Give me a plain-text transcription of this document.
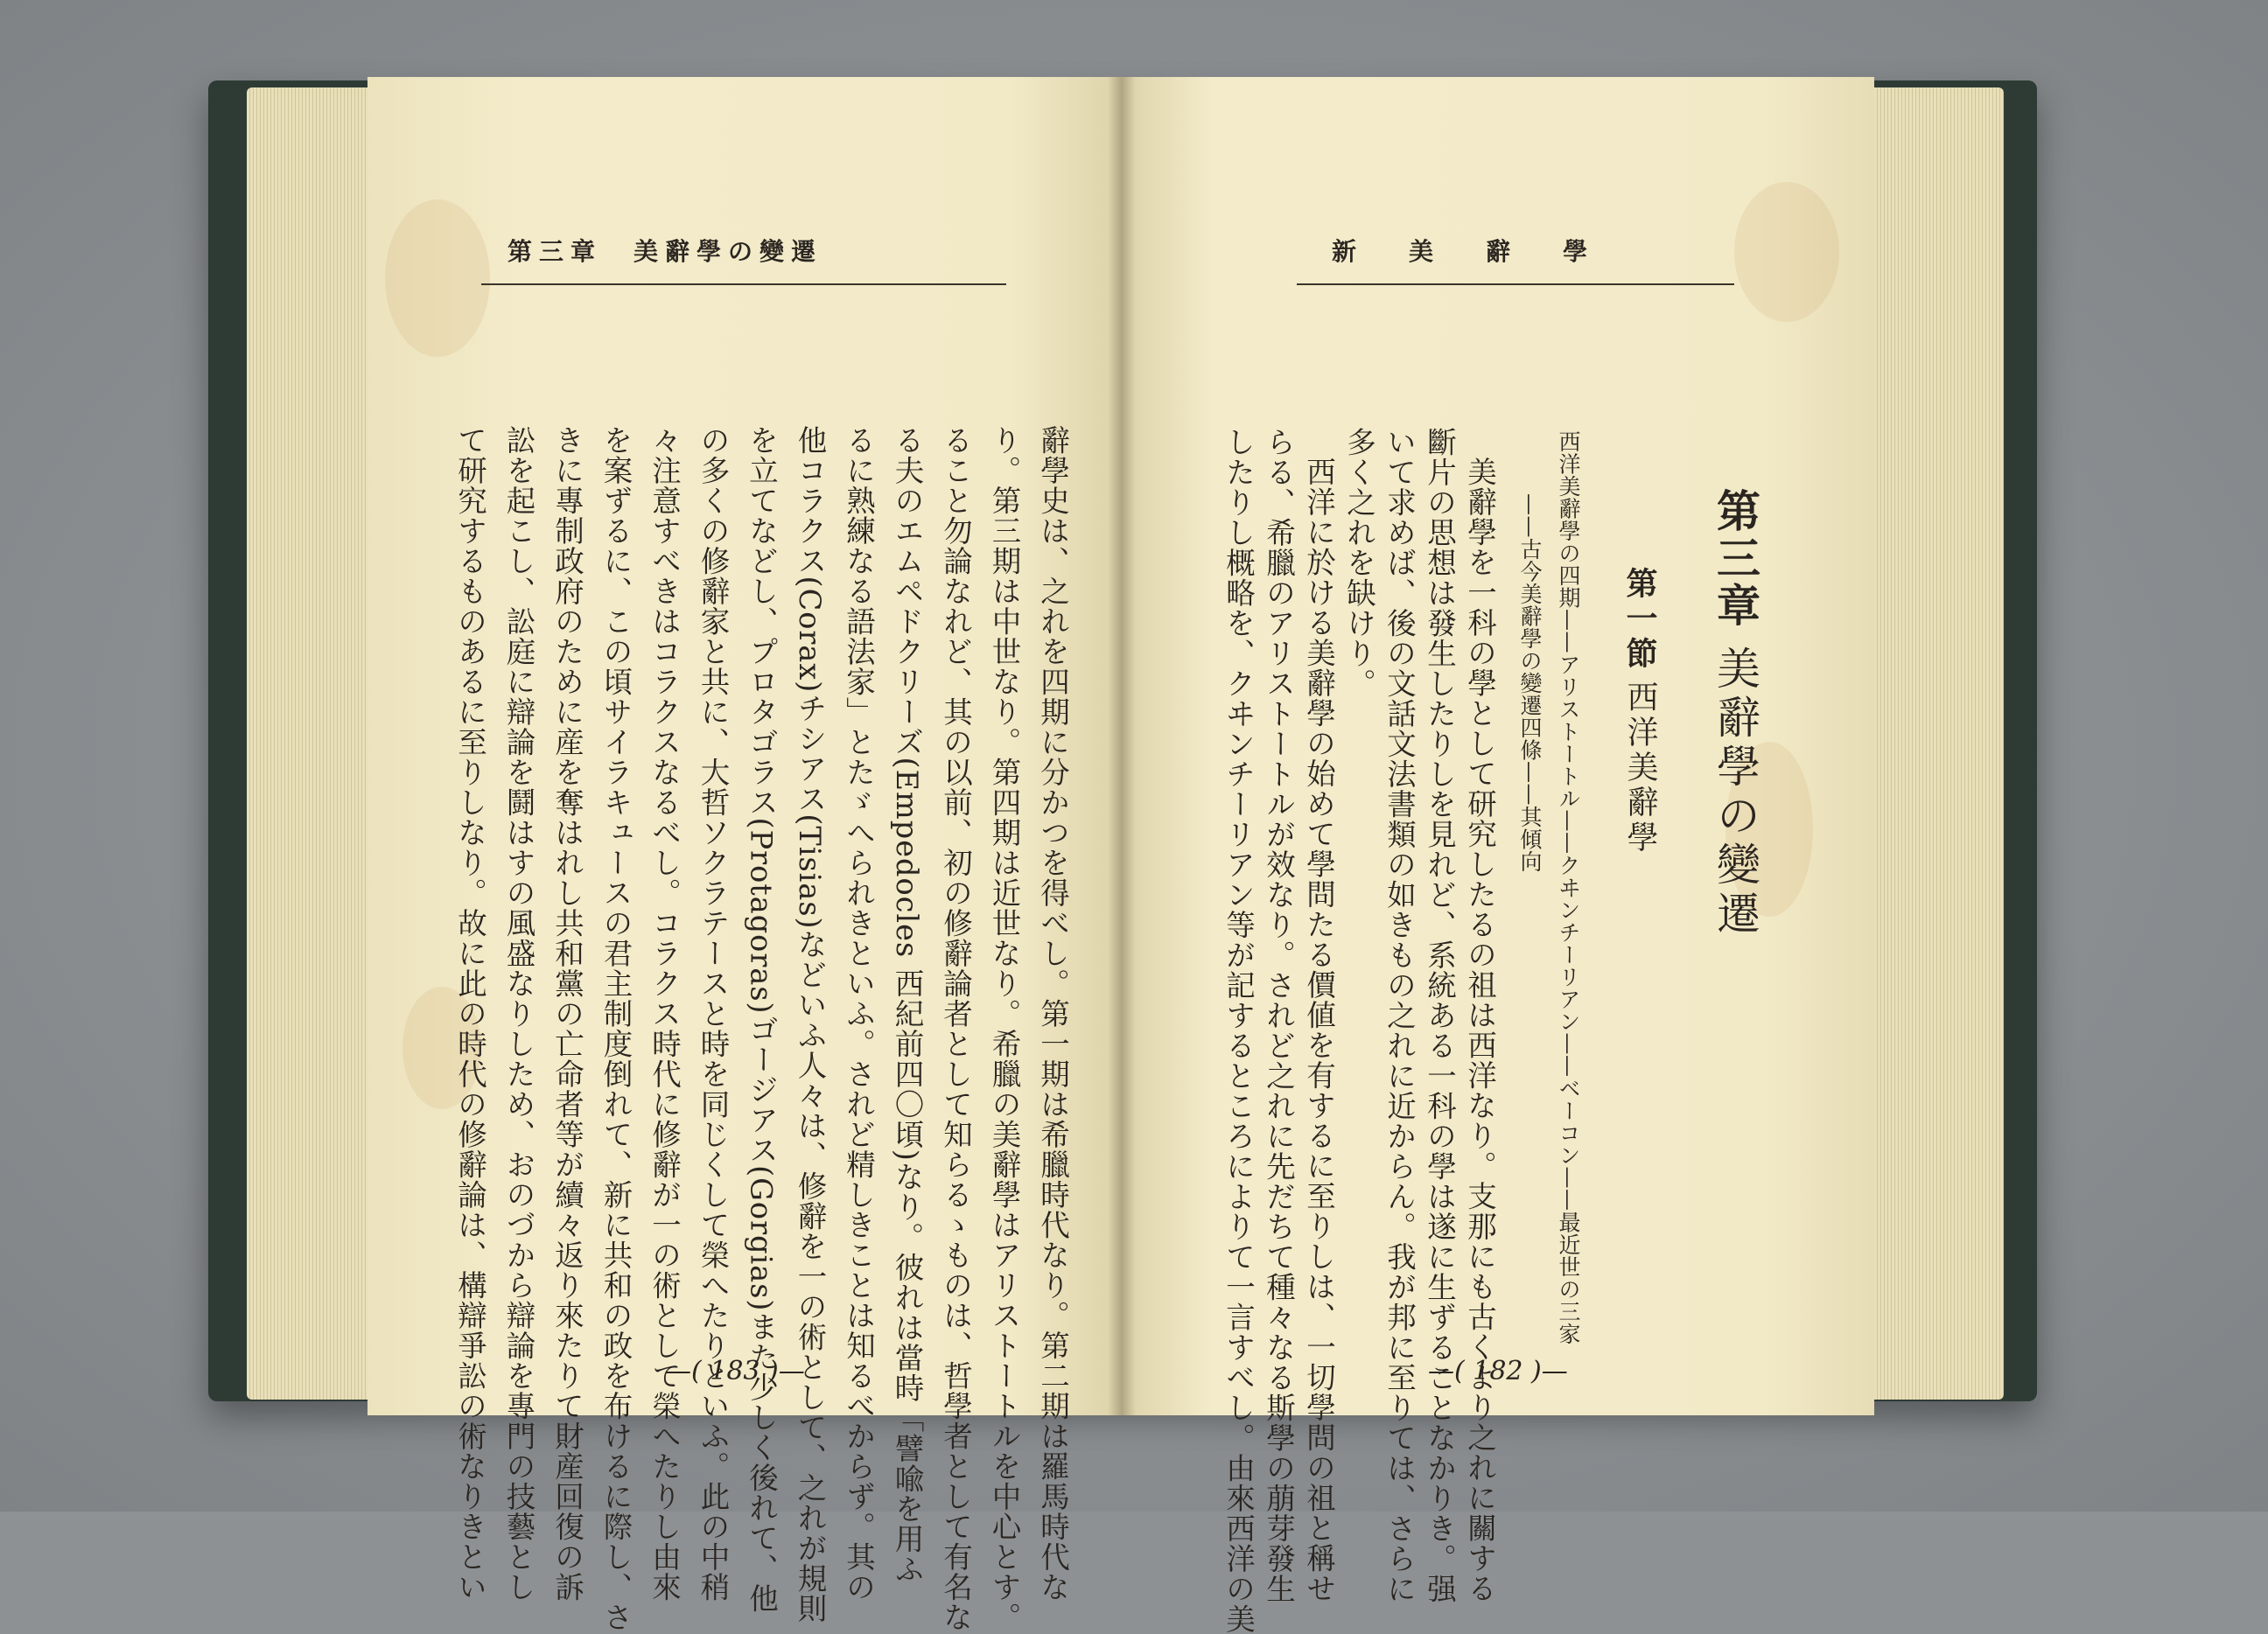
第三章　美辭學の變遷
辭學史は、之れを四期に分かつを得べし。第一期は希臘時代なり。第二期は羅馬時代な
り。第三期は中世なり。第四期は近世なり。希臘の美辭學はアリストートルを中心とす。
ること勿論なれど、其の以前、初の修辭論者として知らるゝものは、哲學者として有名な
る夫のエムペドクリーズ(Empedocles 西紀前四〇頃)なり。彼れは當時「譬喩を用ふ
るに熟練なる語法家」とたゞへられきといふ。されど精しきことは知るべからず。其の
他コラクス(Corax)チシアス(Tisias)などいふ人々は、修辭を一の術として、之れが規則
を立てなどし、プロタゴラス(Protagoras)ゴージアス(Gorgias)また少しく後れて、他
の多くの修辭家と共に、大哲ソクラテースと時を同じくして榮へたりといふ。此の中稍
々注意すべきはコラクスなるべし。コラクス時代に修辭が一の術として榮へたりし由來
を案ずるに、この頃サイラキュースの君主制度倒れて、新に共和の政を布けるに際し、さ
きに專制政府のために産を奪はれし共和黨の亡命者等が續々返り來たりて財産回復の訴
訟を起こし、訟庭に辯論を鬪はすの風盛なりしため、おのづから辯論を專門の技藝とし
て研究するものあるに至りしなり。故に此の時代の修辭論は、構辯爭訟の術なりきとい	—( 183 )—
新　美　辭　學
第三章
美辭學の變遷
第一節
西洋美辭學
西洋美辭學の四期——アリストートル——クヰンチーリアン——ベーコン——最近世の三家
——古今美辭學の變遷四條——其傾向
美辭學を一科の學として研究したるの祖は西洋なり。支那にも古くより之れに關する
斷片の思想は發生したりしを見れど、系統ある一科の學は遂に生ずることなかりき。强
いて求めば、後の文話文法書類の如きもの之れに近からん。我が邦に至りては、さらに
多く之れを缺けり。
西洋に於ける美辭學の始めて學問たる價値を有するに至りしは、一切學問の祖と稱せ
らる、希臘のアリストートルが效なり。されど之れに先だちて種々なる斯學の萠芽發生
したりし概略を、クヰンチーリアン等が記するところによりて一言すべし。由來西洋の美	—( 182 )—
